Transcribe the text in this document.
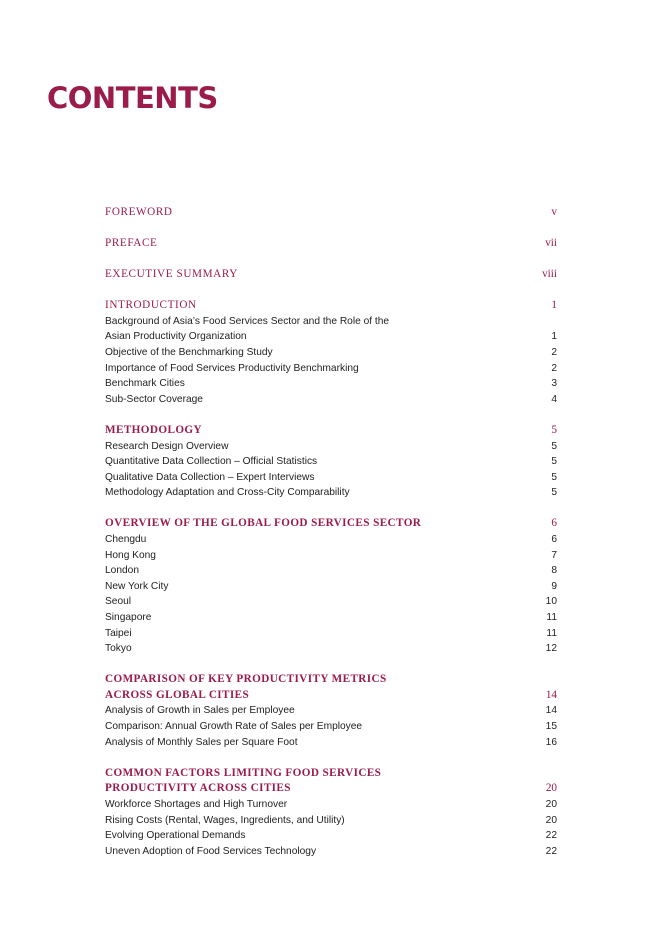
CONTENTS
FOREWORD	v
PREFACE	vii
EXECUTIVE SUMMARY	viii
INTRODUCTION	1
Background of Asia’s Food Services Sector and the Role of the
Asian Productivity Organization	1
Objective of the Benchmarking Study	2
Importance of Food Services Productivity Benchmarking	2
Benchmark Cities	3
Sub-Sector Coverage	4
METHODOLOGY	5
Research Design Overview	5
Quantitative Data Collection – Official Statistics	5
Qualitative Data Collection – Expert Interviews	5
Methodology Adaptation and Cross-City Comparability	5
OVERVIEW OF THE GLOBAL FOOD SERVICES SECTOR	6
Chengdu	6
Hong Kong	7
London	8
New York City	9
Seoul	10
Singapore	11
Taipei	11
Tokyo	12
COMPARISON OF KEY PRODUCTIVITY METRICS
ACROSS GLOBAL CITIES	14
Analysis of Growth in Sales per Employee	14
Comparison: Annual Growth Rate of Sales per Employee	15
Analysis of Monthly Sales per Square Foot	16
COMMON FACTORS LIMITING FOOD SERVICES
PRODUCTIVITY ACROSS CITIES	20
Workforce Shortages and High Turnover	20
Rising Costs (Rental, Wages, Ingredients, and Utility)	20
Evolving Operational Demands	22
Uneven Adoption of Food Services Technology	22
